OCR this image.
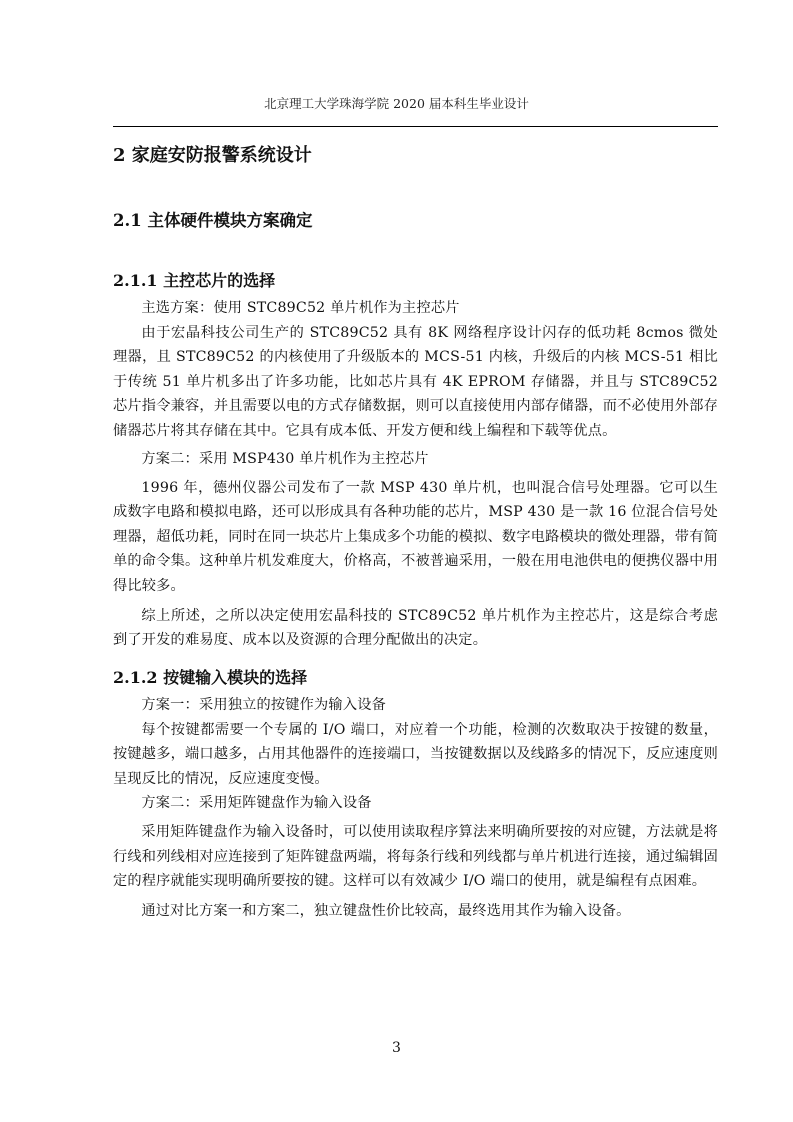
北京理工大学珠海学院 2020 届本科生毕业设计
2 家庭安防报警系统设计
2.1 主体硬件模块方案确定
2.1.1 主控芯片的选择

主选方案：使用 STC89C52 单片机作为主控芯片

由于宏晶科技公司生产的 STC89C52 具有 8K 网络程序设计闪存的低功耗 8cmos 微处理器，且 STC89C52 的内核使用了升级版本的 MCS-51 内核，升级后的内核 MCS-51 相比于传统 51 单片机多出了许多功能，比如芯片具有 4K EPROM 存储器，并且与 STC89C52 芯片指令兼容，并且需要以电的方式存储数据，则可以直接使用内部存储器，而不必使用外部存储器芯片将其存储在其中。它具有成本低、开发方便和线上编程和下载等优点。

方案二：采用 MSP430 单片机作为主控芯片

1996 年，德州仪器公司发布了一款 MSP 430 单片机，也叫混合信号处理器。它可以生成数字电路和模拟电路，还可以形成具有各种功能的芯片，MSP 430 是一款 16 位混合信号处理器，超低功耗，同时在同一块芯片上集成多个功能的模拟、数字电路模块的微处理器，带有简单的命令集。这种单片机发难度大，价格高，不被普遍采用，一般在用电池供电的便携仪器中用得比较多。

综上所述，之所以决定使用宏晶科技的 STC89C52 单片机作为主控芯片，这是综合考虑到了开发的难易度、成本以及资源的合理分配做出的决定。

2.1.2 按键输入模块的选择

方案一：采用独立的按键作为输入设备

每个按键都需要一个专属的 I/O 端口，对应着一个功能，检测的次数取决于按键的数量，按键越多，端口越多，占用其他器件的连接端口，当按键数据以及线路多的情况下，反应速度则呈现反比的情况，反应速度变慢。

方案二：采用矩阵键盘作为输入设备

采用矩阵键盘作为输入设备时，可以使用读取程序算法来明确所要按的对应键，方法就是将行线和列线相对应连接到了矩阵键盘两端，将每条行线和列线都与单片机进行连接，通过编辑固定的程序就能实现明确所要按的键。这样可以有效减少 I/O 端口的使用，就是编程有点困难。

通过对比方案一和方案二，独立键盘性价比较高，最终选用其作为输入设备。

3
